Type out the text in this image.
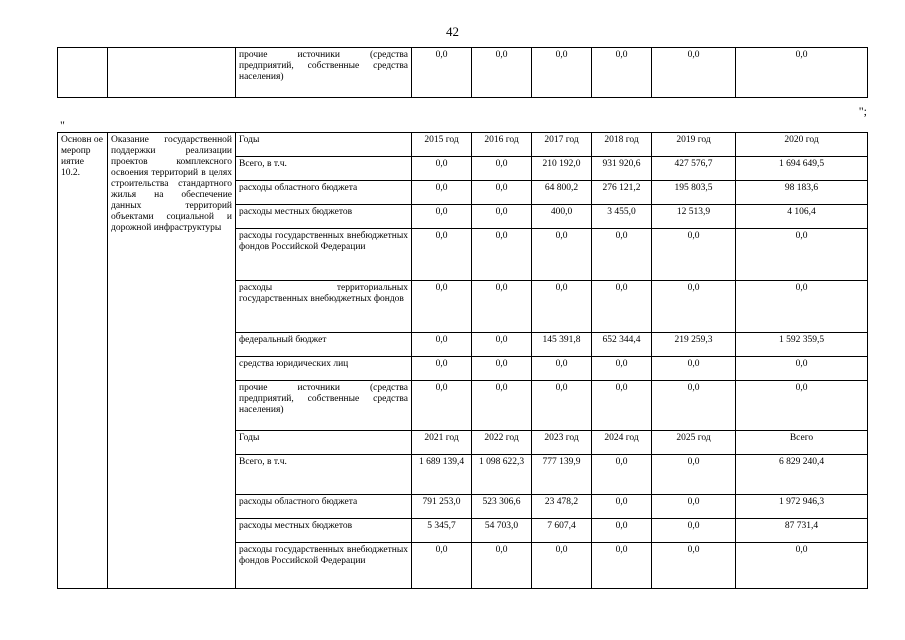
42
		прочие источники (средства предприятий, собственные средства населения)	0,0	0,0	0,0	0,0	0,0	0,0
";
"
Основн ое меропр иятие 10.2.	Оказание государственной поддержки реализации проектов комплексного освоения территорий в целях строительства стандартного жилья на обеспечение данных территорий объектами социальной и дорожной инфраструктуры	Годы	2015 год	2016 год	2017 год	2018 год	2019 год	2020 год
		Всего, в т.ч.	0,0	0,0	210 192,0	931 920,6	427 576,7	1 694 649,5
		расходы областного бюджета	0,0	0,0	64 800,2	276 121,2	195 803,5	98 183,6
		расходы местных бюджетов	0,0	0,0	400,0	3 455,0	12 513,9	4 106,4
		расходы государственных внебюджетных фондов Российской Федерации	0,0	0,0	0,0	0,0	0,0	0,0
		расходы территориальных государственных внебюджетных фондов	0,0	0,0	0,0	0,0	0,0	0,0
		федеральный бюджет	0,0	0,0	145 391,8	652 344,4	219 259,3	1 592 359,5
		средства юридических лиц	0,0	0,0	0,0	0,0	0,0	0,0
		прочие источники (средства предприятий, собственные средства населения)	0,0	0,0	0,0	0,0	0,0	0,0
		Годы	2021 год	2022 год	2023 год	2024 год	2025 год	Всего
		Всего, в т.ч.	1 689 139,4	1 098 622,3	777 139,9	0,0	0,0	6 829 240,4
		расходы областного бюджета	791 253,0	523 306,6	23 478,2	0,0	0,0	1 972 946,3
		расходы местных бюджетов	5 345,7	54 703,0	7 607,4	0,0	0,0	87 731,4
		расходы государственных внебюджетных фондов Российской Федерации	0,0	0,0	0,0	0,0	0,0	0,0
